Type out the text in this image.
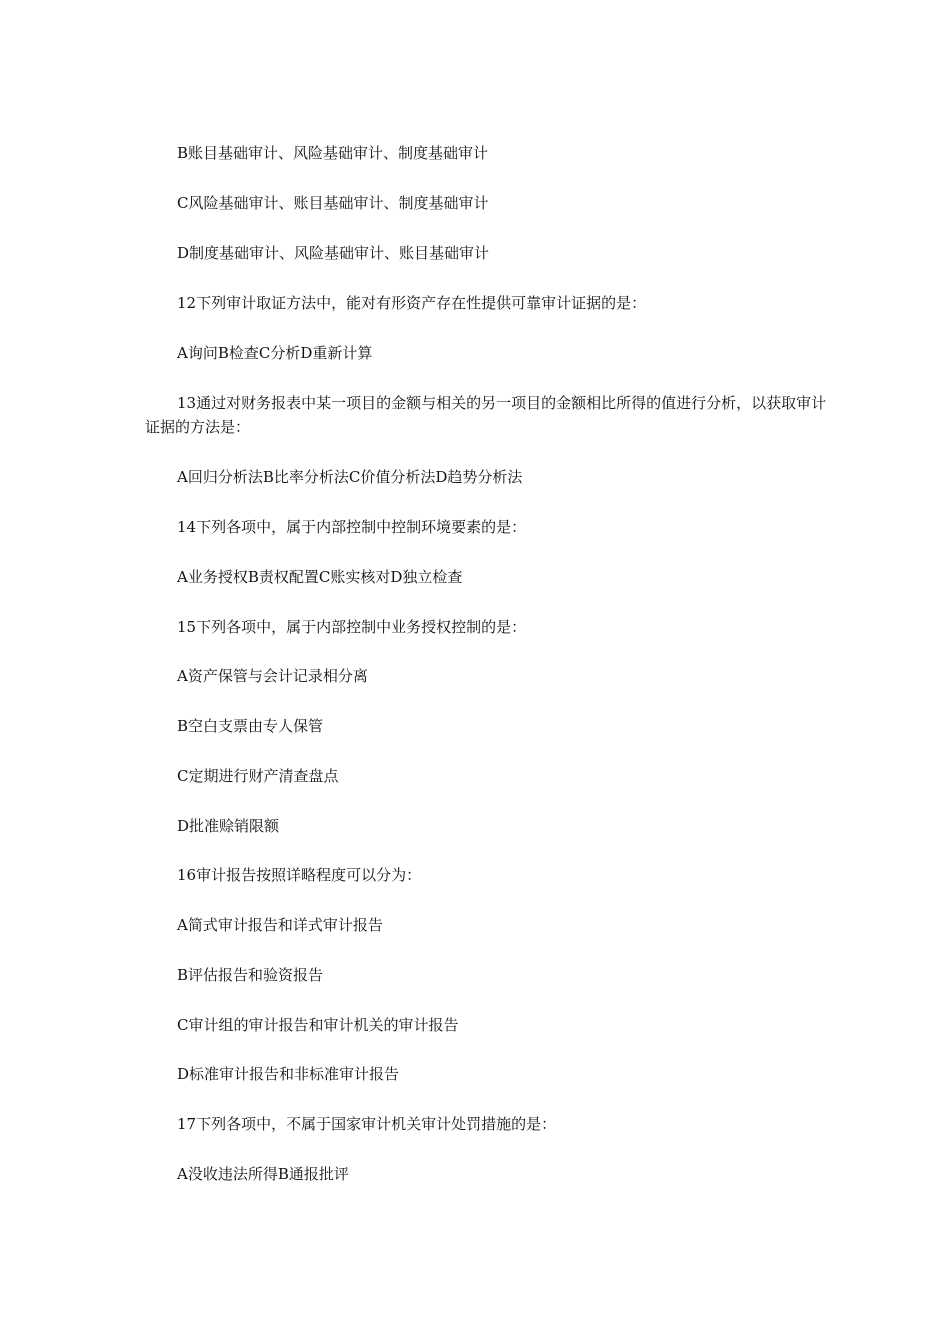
B账目基础审计、风险基础审计、制度基础审计

C风险基础审计、账目基础审计、制度基础审计

D制度基础审计、风险基础审计、账目基础审计

12下列审计取证方法中，能对有形资产存在性提供可靠审计证据的是：

A询问B检查C分析D重新计算

13通过对财务报表中某一项目的金额与相关的另一项目的金额相比所得的值进行分析，以获取审计证据的方法是：

A回归分析法B比率分析法C价值分析法D趋势分析法

14下列各项中，属于内部控制中控制环境要素的是：

A业务授权B责权配置C账实核对D独立检查

15下列各项中，属于内部控制中业务授权控制的是：

A资产保管与会计记录相分离

B空白支票由专人保管

C定期进行财产清查盘点

D批准赊销限额

16审计报告按照详略程度可以分为：

A简式审计报告和详式审计报告

B评估报告和验资报告

C审计组的审计报告和审计机关的审计报告

D标准审计报告和非标准审计报告

17下列各项中，不属于国家审计机关审计处罚措施的是：

A没收违法所得B通报批评
